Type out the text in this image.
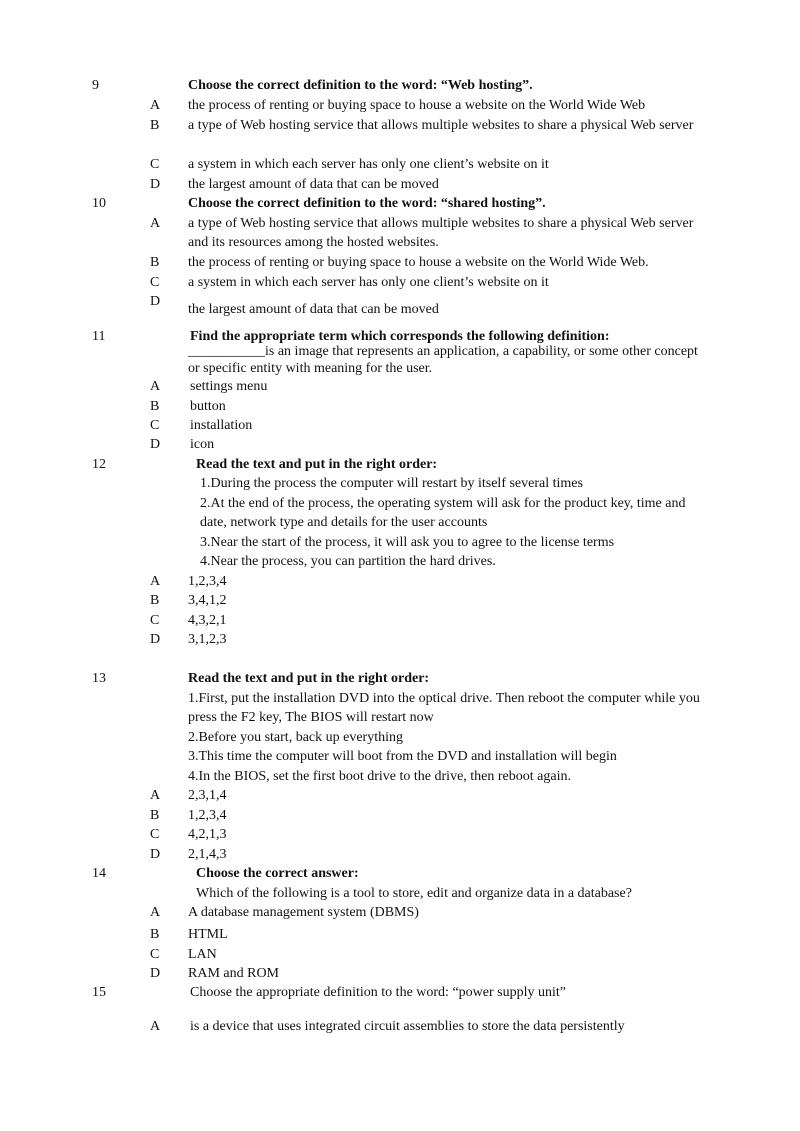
9	Choose the correct definition to the word: “Web hosting”.
A the process of renting or buying space to house a website on the World Wide Web
B a type of Web hosting service that allows multiple websites to share a physical Web server
C a system in which each server has only one client’s website on it
D the largest amount of data that can be moved
10	Choose the correct definition to the word: “shared hosting”.
A a type of Web hosting service that allows multiple websites to share a physical Web server and its resources among the hosted websites.
B the process of renting or buying space to house a website on the World Wide Web.
C a system in which each server has only one client’s website on it
D
the largest amount of data that can be moved
11	Find the appropriate term which corresponds the following definition:
___________is an image that represents an application, a capability, or some other concept or specific entity with meaning for the user.
A settings menu
B button
C installation
D icon
12	Read the text and put in the right order:
1.During the process the computer will restart by itself several times
2.At the end of the process, the operating system will ask for the product key, time and date, network type and details for the user accounts
3.Near the start of the process, it will ask you to agree to the license terms
4.Near the process, you can partition the hard drives.
A 1,2,3,4
B 3,4,1,2
C 4,3,2,1
D 3,1,2,3
13	Read the text and put in the right order:
1.First, put the installation DVD into the optical drive. Then reboot the computer while you press the F2 key, The BIOS will restart now
2.Before you start, back up everything
3.This time the computer will boot from the DVD and installation will begin
4.In the BIOS, set the first boot drive to the drive, then reboot again.
A 2,3,1,4
B 1,2,3,4
C 4,2,1,3
D 2,1,4,3
14	Choose the correct answer:
Which of the following is a tool to store, edit and organize data in a database?
A A database management system (DBMS)
B HTML
C LAN
D RAM and ROM
15	Choose the appropriate definition to the word: “power supply unit”
A is a device that uses integrated circuit assemblies to store the data persistently
